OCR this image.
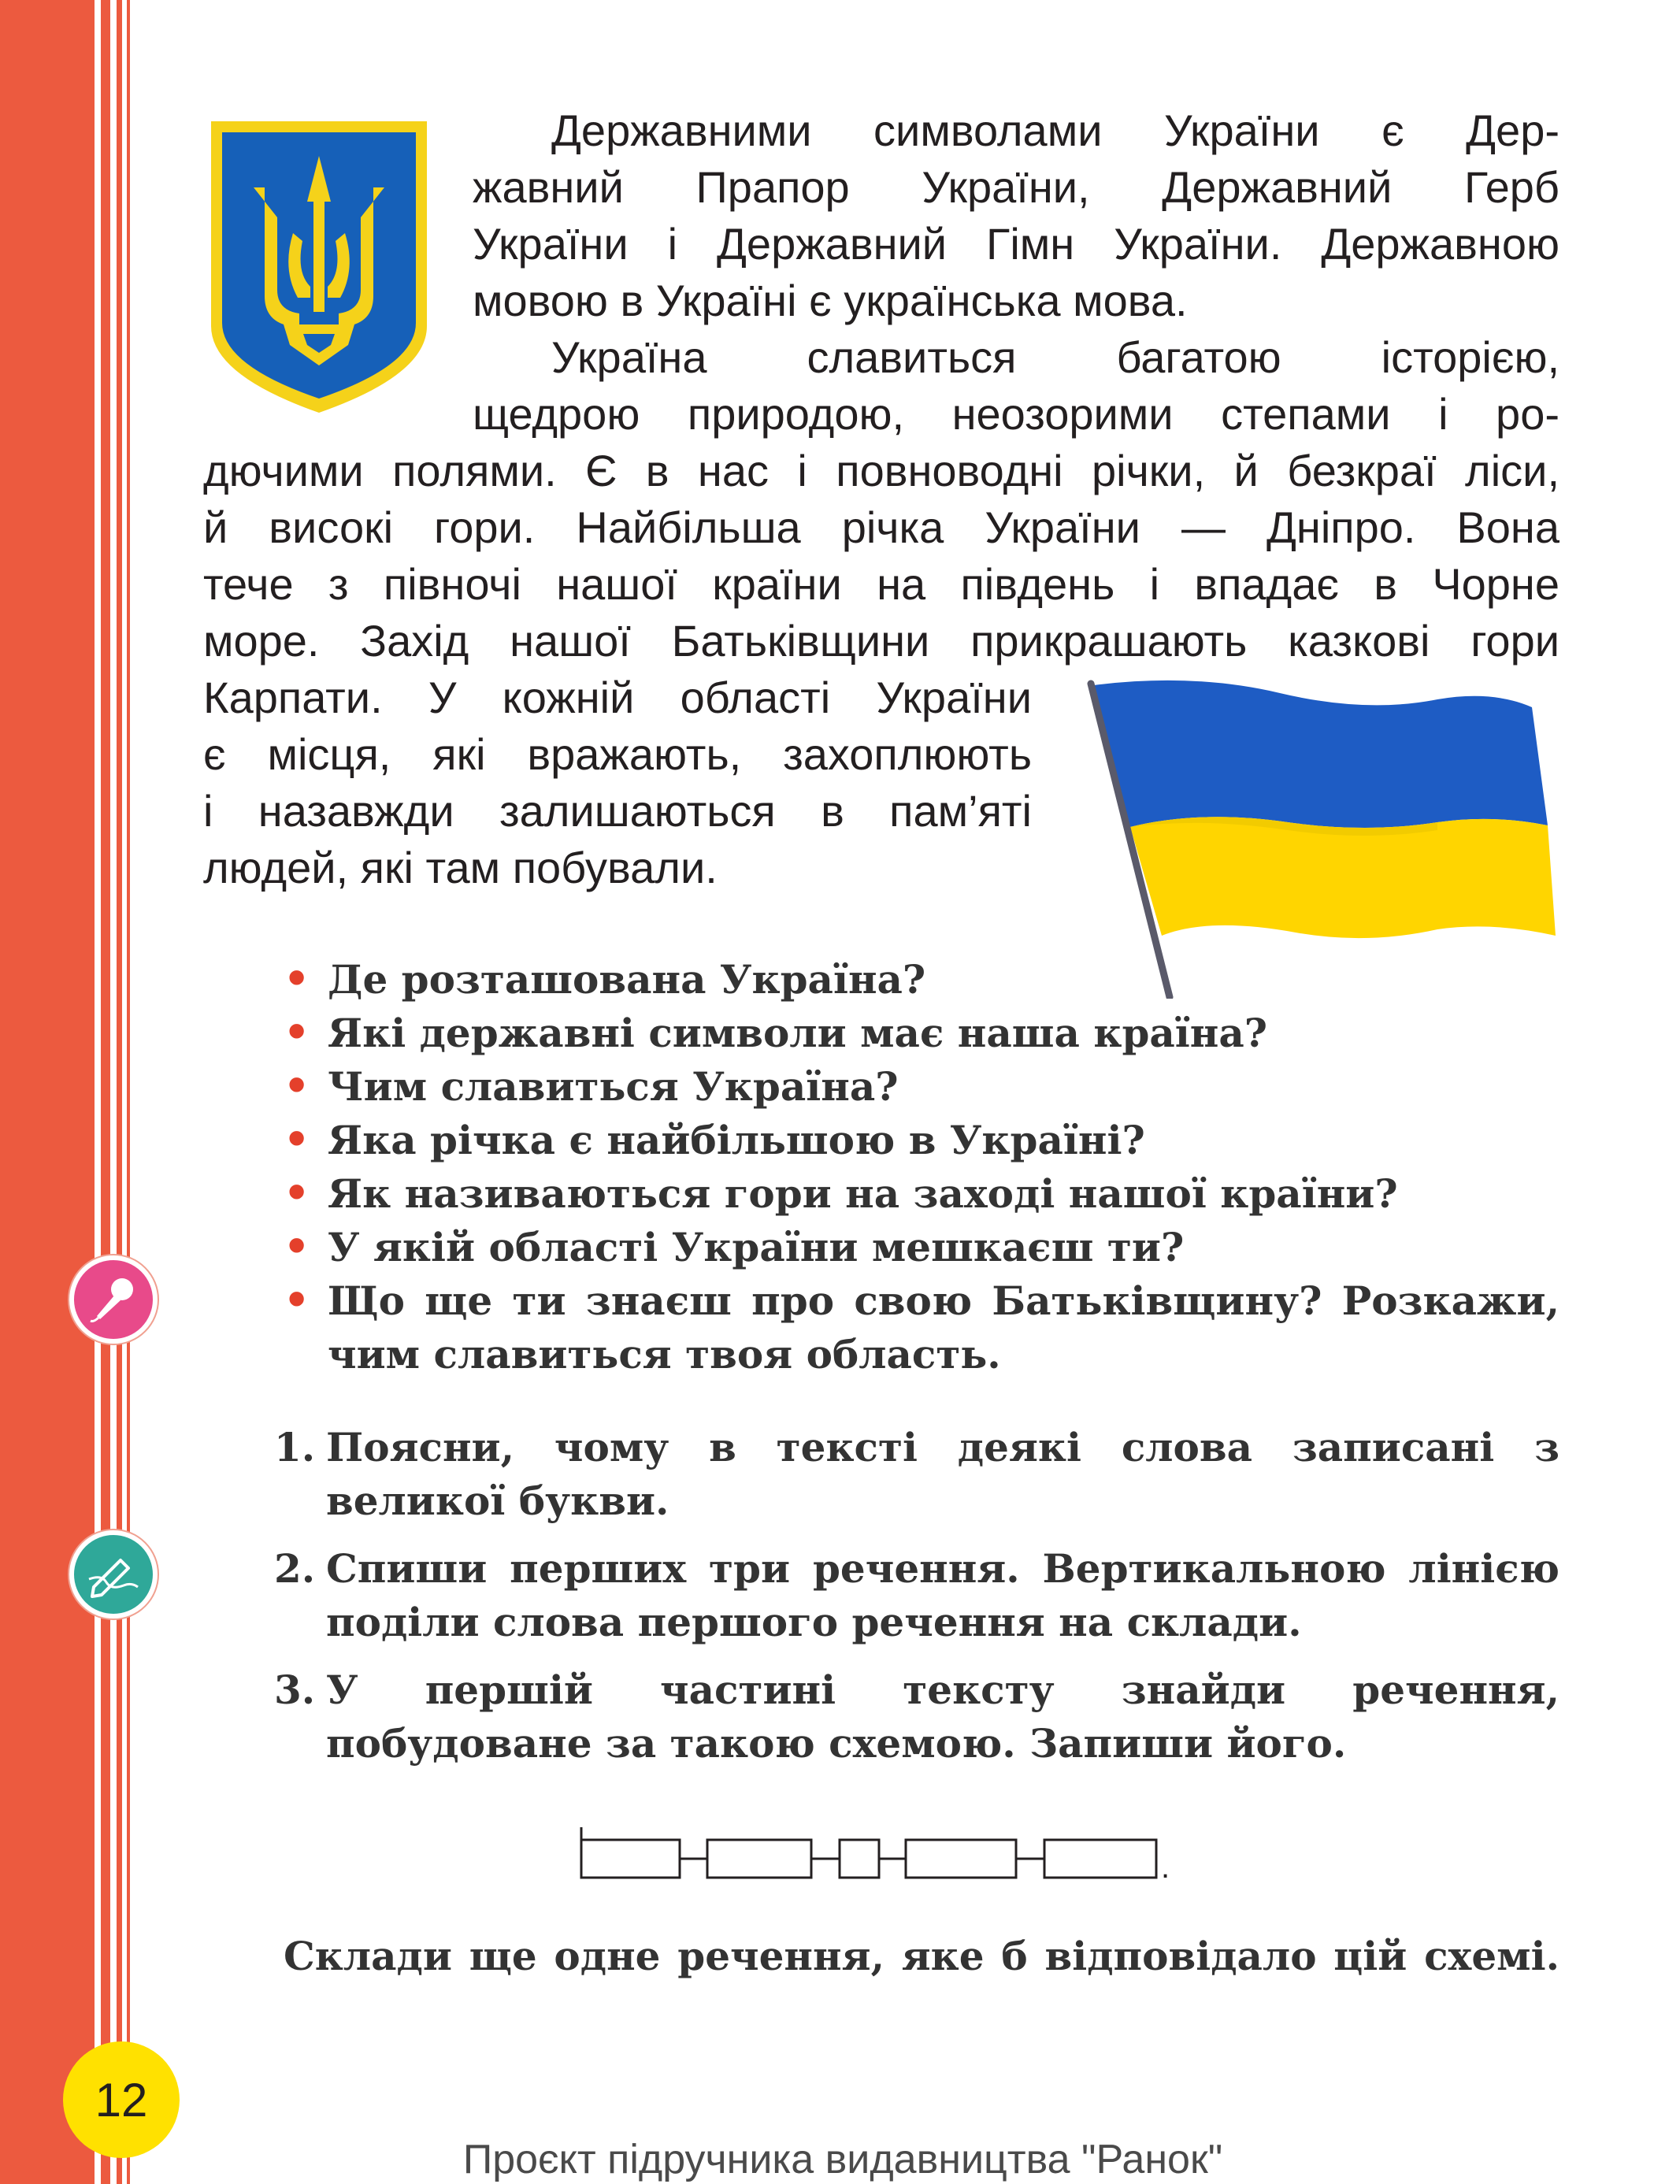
Державними символами України є Дер-

жавний Прапор України, Державний Герб

України і Державний Гімн України. Державною

мовою в Україні є українська мова.

Україна славиться багатою історією,

щедрою природою, неозорими степами і ро-

дючими полями. Є в нас і повноводні річки, й безкраї ліси,

й високі гори. Найбільша річка України — Дніпро. Вона

тече з півночі нашої країни на південь і впадає в Чорне

море. Захід нашої Батьківщини прикрашають казкові гори

Карпати. У кожній області України

є місця, які вражають, захоплюють

і назавжди залишаються в пам’яті

людей, які там побували.

• Де розташована Україна?
• Які державні символи має наша країна?
• Чим славиться Україна?
• Яка річка є найбільшою в Україні?
• Як називаються гори на заході нашої країни?
• У якій області України мешкаєш ти?
• Що ще ти знаєш про свою Батьківщину? Розкажи, чим славиться твоя область.
1. Поясни, чому в тексті деякі слова записані з великої букви.
2. Спиши перших три речення. Вертикальною лінією поділи слова першого речення на склади.
3. У першій частині тексту знайди речення, побудоване за такою схемою. Запиши його.
.

Склади ще одне речення, яке б відповідало цій схемі.

12

Проєкт підручника видавництва "Ранок"
